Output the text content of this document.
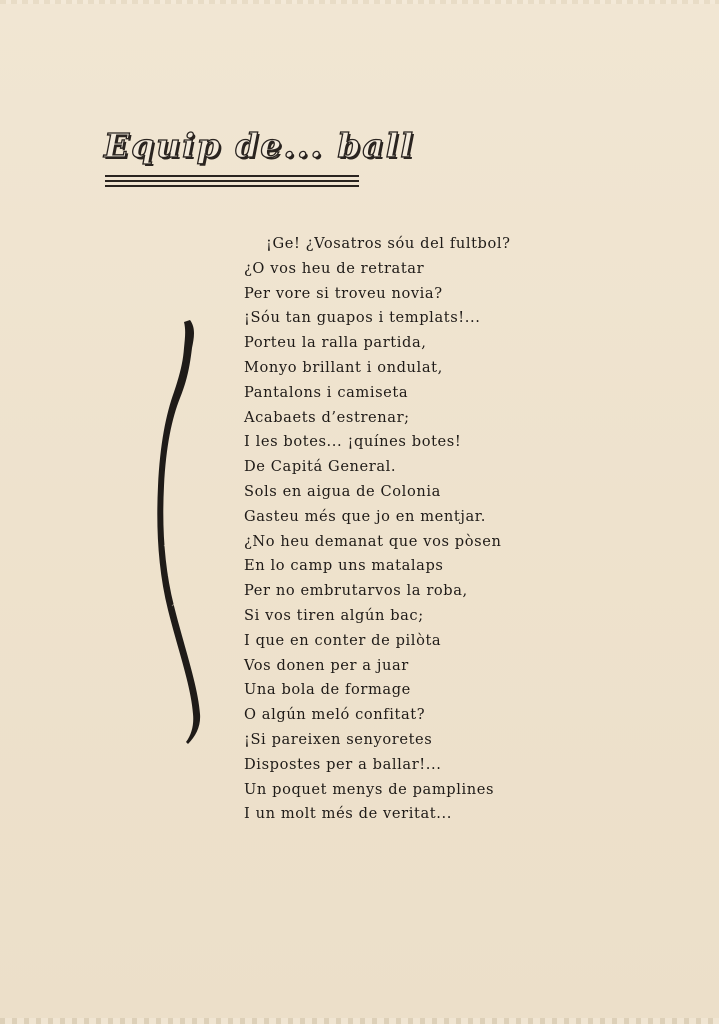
Equip de... ball
¡Ge! ¿Vosatros sóu del fultbol?
¿O vos heu de retratar
Per vore si troveu novia?
¡Sóu tan guapos i templats!...
Porteu la ralla partida,
Monyo brillant i ondulat,
Pantalons i camiseta
Acabaets d’estrenar;
I les botes... ¡quínes botes!
De Capitá General.
Sols en aigua de Colonia
Gasteu més que jo en mentjar.
¿No heu demanat que vos pòsen
En lo camp uns matalaps
Per no embrutarvos la roba,
Si vos tiren algún bac;
I que en conter de pilòta
Vos donen per a juar
Una bola de formage
O algún meló confitat?
¡Si pareixen senyoretes
Dispostes per a ballar!...
Un poquet menys de pamplines
I un molt més de veritat...
